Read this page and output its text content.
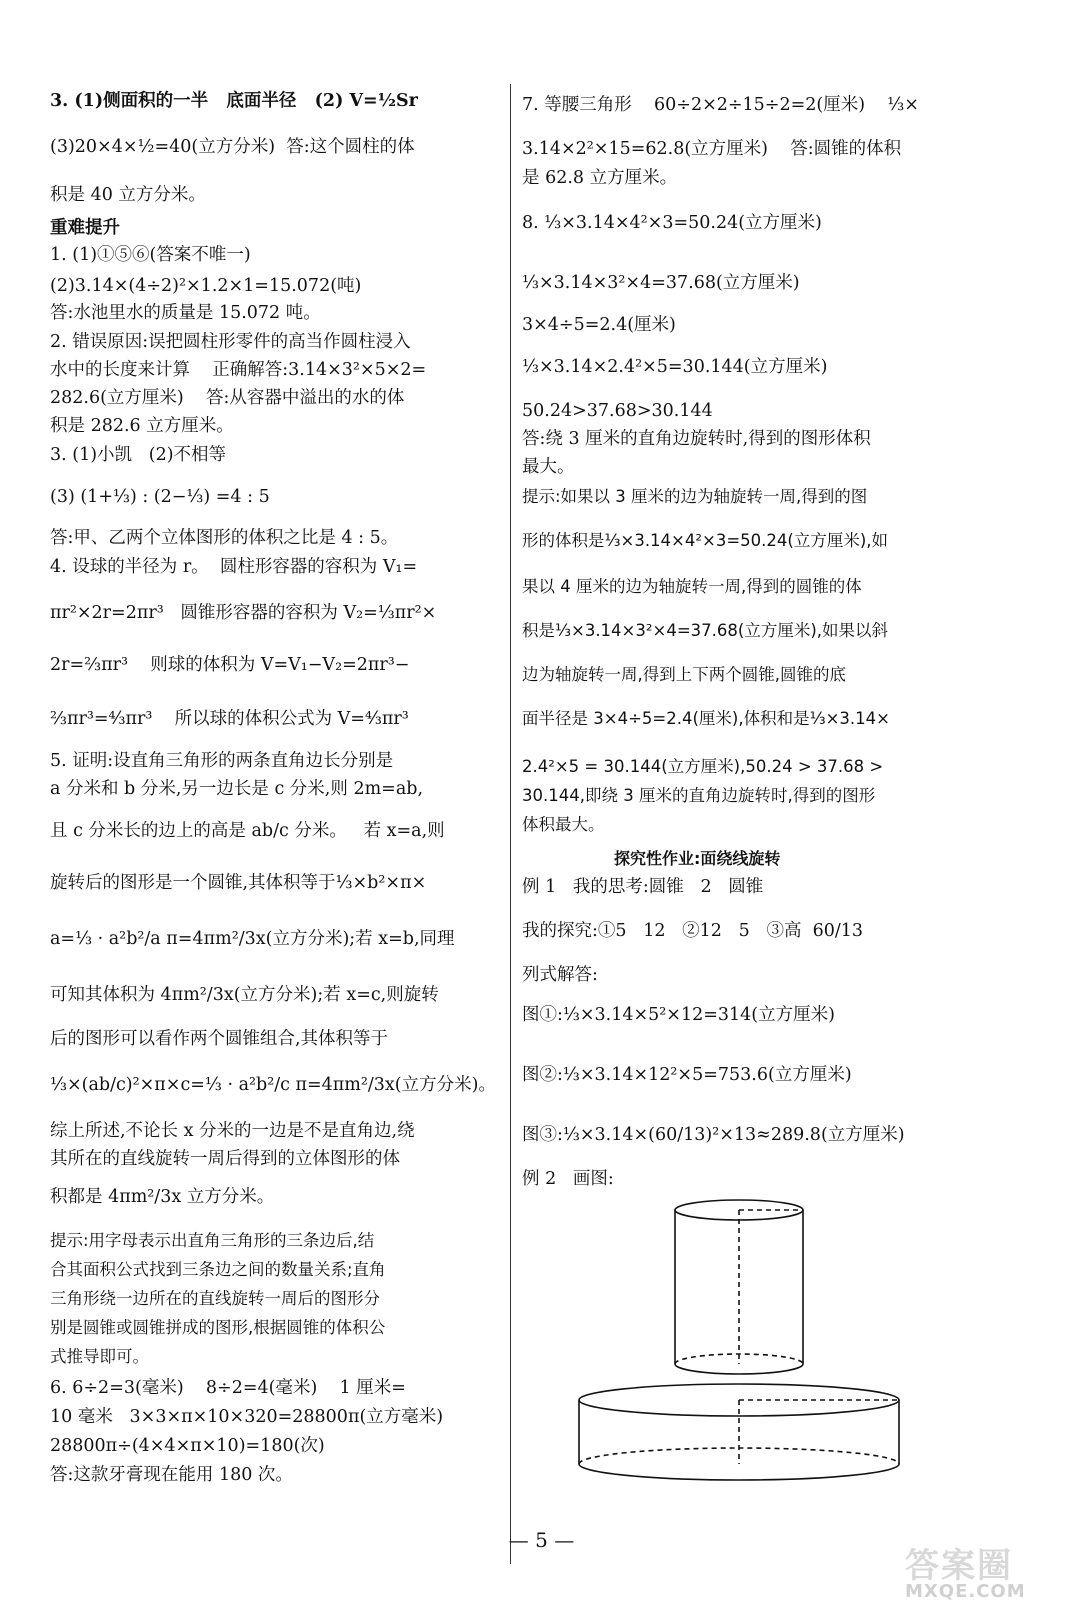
3. (1)侧面积的一半   底面半径   (2) V=½Sr
(3)20×4×½=40(立方分米)  答:这个圆柱的体
积是 40 立方分米。
重难提升
1. (1)①⑤⑥(答案不唯一)
(2)3.14×(4÷2)²×1.2×1=15.072(吨)
答:水池里水的质量是 15.072 吨。
2. 错误原因:误把圆柱形零件的高当作圆柱浸入
水中的长度来计算    正确解答:3.14×3²×5×2=
282.6(立方厘米)    答:从容器中溢出的水的体
积是 282.6 立方厘米。
3. (1)小凯   (2)不相等
(3) (1+⅓) : (2−⅓) =4 : 5
答:甲、乙两个立体图形的体积之比是 4 : 5。
4. 设球的半径为 r。  圆柱形容器的容积为 V₁=
πr²×2r=2πr³   圆锥形容器的容积为 V₂=⅓πr²×
2r=⅔πr³    则球的体积为 V=V₁−V₂=2πr³−
⅔πr³=⁴⁄₃πr³    所以球的体积公式为 V=⁴⁄₃πr³
5. 证明:设直角三角形的两条直角边长分别是
a 分米和 b 分米,另一边长是 c 分米,则 2m=ab,
且 c 分米长的边上的高是 ab/c 分米。   若 x=a,则
旋转后的图形是一个圆锥,其体积等于⅓×b²×π×
a=⅓ · a²b²/a π=4πm²/3x(立方分米);若 x=b,同理
可知其体积为 4πm²/3x(立方分米);若 x=c,则旋转
后的图形可以看作两个圆锥组合,其体积等于
⅓×(ab/c)²×π×c=⅓ · a²b²/c π=4πm²/3x(立方分米)。
综上所述,不论长 x 分米的一边是不是直角边,绕
其所在的直线旋转一周后得到的立体图形的体
积都是 4πm²/3x 立方分米。
提示:用字母表示出直角三角形的三条边后,结
合其面积公式找到三条边之间的数量关系;直角
三角形绕一边所在的直线旋转一周后的图形分
别是圆锥或圆锥拼成的图形,根据圆锥的体积公
式推导即可。
6. 6÷2=3(毫米)    8÷2=4(毫米)    1 厘米=
10 毫米   3×3×π×10×320=28800π(立方毫米)
28800π÷(4×4×π×10)=180(次)
答:这款牙膏现在能用 180 次。
7. 等腰三角形    60÷2×2÷15÷2=2(厘米)    ⅓×
3.14×2²×15=62.8(立方厘米)    答:圆锥的体积
是 62.8 立方厘米。
8. ⅓×3.14×4²×3=50.24(立方厘米)
⅓×3.14×3²×4=37.68(立方厘米)
3×4÷5=2.4(厘米)
⅓×3.14×2.4²×5=30.144(立方厘米)
50.24>37.68>30.144
答:绕 3 厘米的直角边旋转时,得到的图形体积
最大。
提示:如果以 3 厘米的边为轴旋转一周,得到的图
形的体积是⅓×3.14×4²×3=50.24(立方厘米),如
果以 4 厘米的边为轴旋转一周,得到的圆锥的体
积是⅓×3.14×3²×4=37.68(立方厘米),如果以斜
边为轴旋转一周,得到上下两个圆锥,圆锥的底
面半径是 3×4÷5=2.4(厘米),体积和是⅓×3.14×
2.4²×5 = 30.144(立方厘米),50.24 > 37.68 >
30.144,即绕 3 厘米的直角边旋转时,得到的图形
体积最大。
探究性作业:面绕线旋转
例 1   我的思考:圆锥   2   圆锥
我的探究:①5   12   ②12   5   ③高  60/13
列式解答:
图①:⅓×3.14×5²×12=314(立方厘米)
图②:⅓×3.14×12²×5=753.6(立方厘米)
图③:⅓×3.14×(60/13)²×13≈289.8(立方厘米)
例 2   画图:
— 5 —
答案圈
MXQE.COM
